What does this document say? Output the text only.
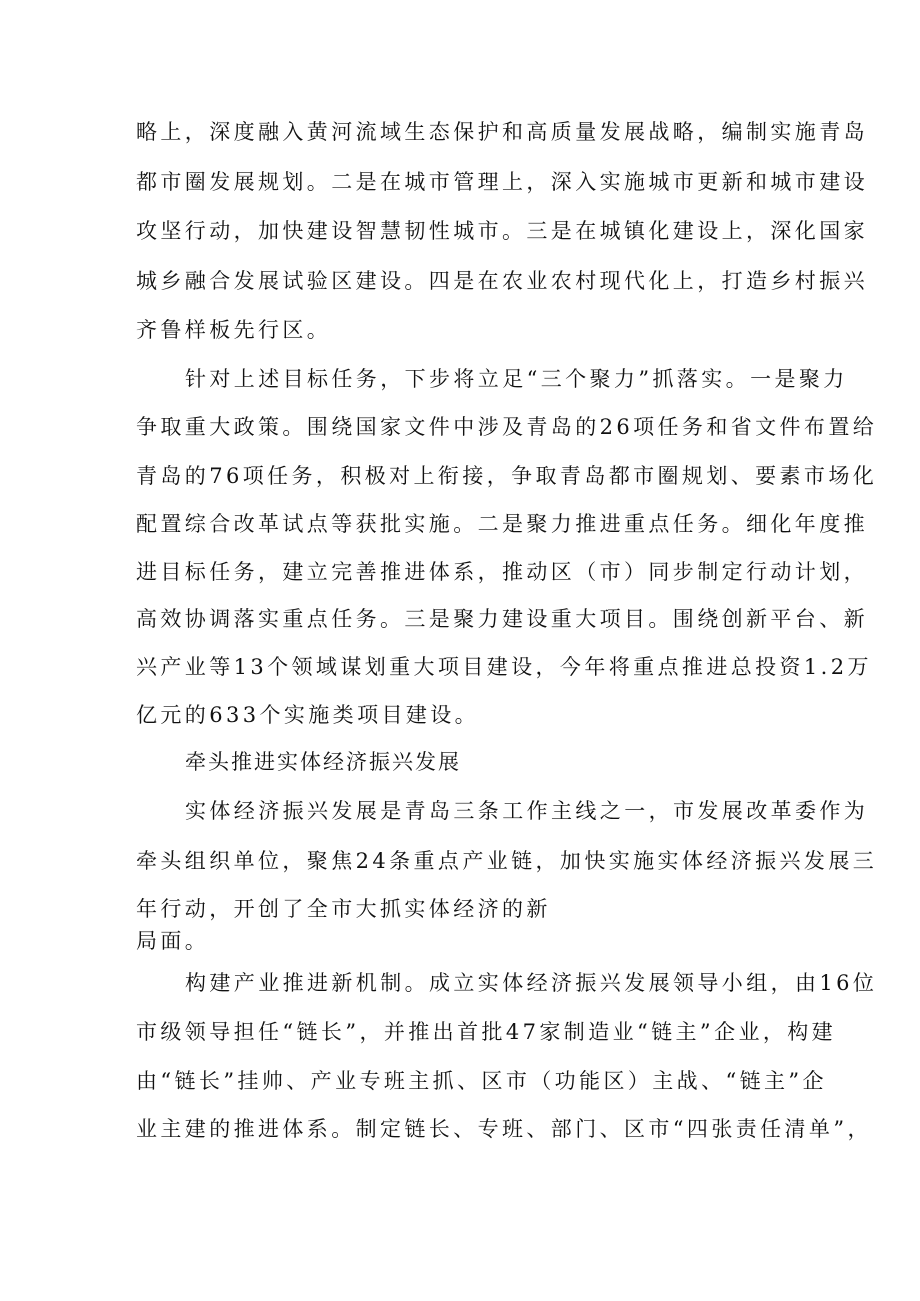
略上，深度融入黄河流域生态保护和高质量发展战略，编制实施青岛
都市圈发展规划。二是在城市管理上，深入实施城市更新和城市建设
攻坚行动，加快建设智慧韧性城市。三是在城镇化建设上，深化国家
城乡融合发展试验区建设。四是在农业农村现代化上，打造乡村振兴
齐鲁样板先行区。
针对上述目标任务，下步将立足“三个聚力”抓落实。一是聚力
争取重大政策。围绕国家文件中涉及青岛的26项任务和省文件布置给
青岛的76项任务，积极对上衔接，争取青岛都市圈规划、要素市场化
配置综合改革试点等获批实施。二是聚力推进重点任务。细化年度推
进目标任务，建立完善推进体系，推动区（市）同步制定行动计划，
高效协调落实重点任务。三是聚力建设重大项目。围绕创新平台、新
兴产业等13个领域谋划重大项目建设，今年将重点推进总投资1.2万
亿元的633个实施类项目建设。
牵头推进实体经济振兴发展
实体经济振兴发展是青岛三条工作主线之一，市发展改革委作为
牵头组织单位，聚焦24条重点产业链，加快实施实体经济振兴发展三
年行动，开创了全市大抓实体经济的新
局面。
构建产业推进新机制。成立实体经济振兴发展领导小组，由16位
市级领导担任“链长”，并推出首批47家制造业“链主”企业，构建
由“链长”挂帅、产业专班主抓、区市（功能区）主战、“链主”企
业主建的推进体系。制定链长、专班、部门、区市“四张责任清单”，
